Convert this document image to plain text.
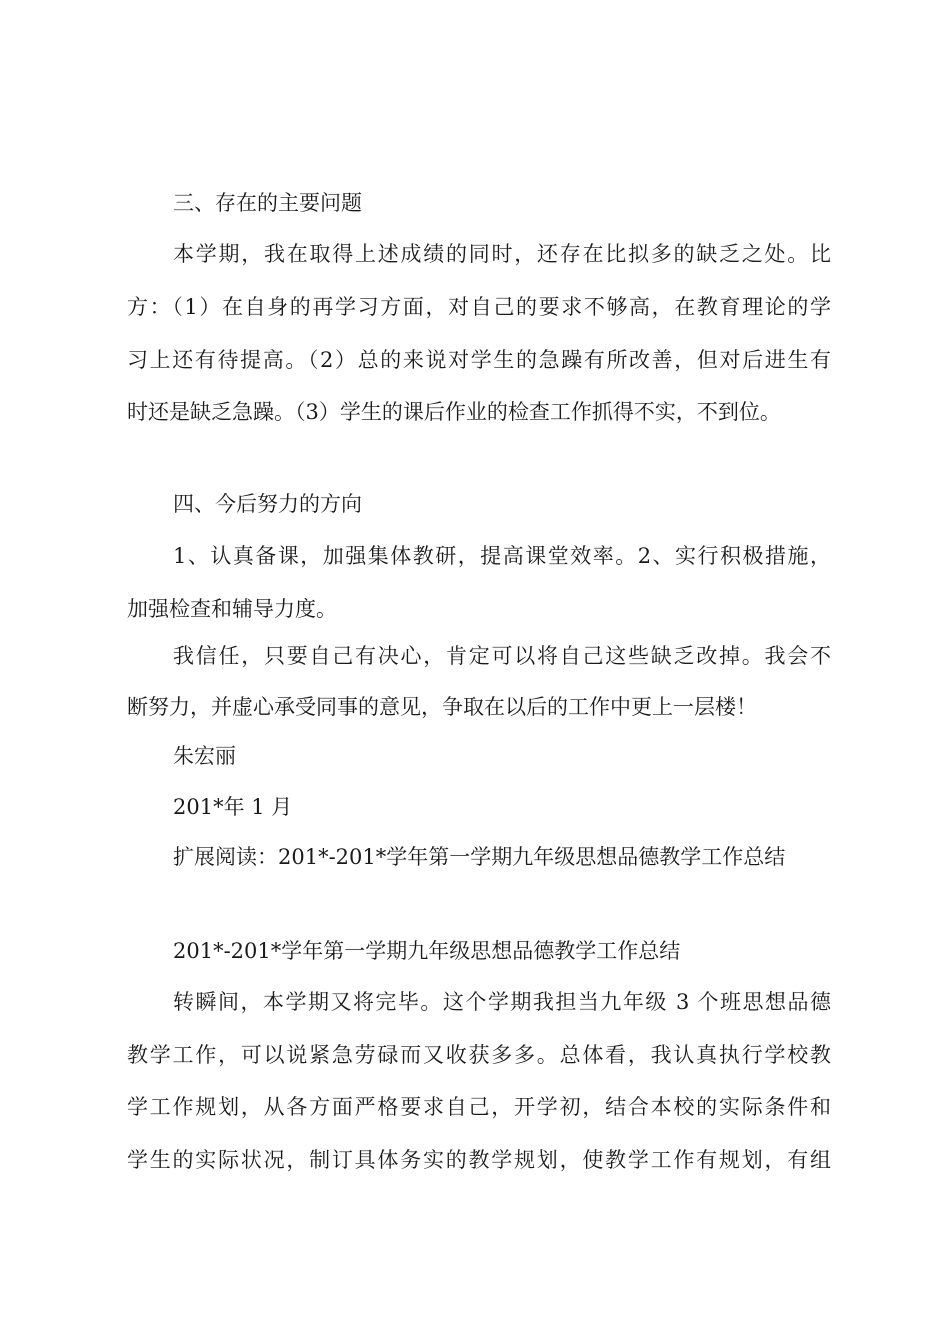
三、存在的主要问题
本学期，我在取得上述成绩的同时，还存在比拟多的缺乏之处。比
方：（1）在自身的再学习方面，对自己的要求不够高，在教育理论的学
习上还有待提高。（2）总的来说对学生的急躁有所改善，但对后进生有
时还是缺乏急躁。（3）学生的课后作业的检查工作抓得不实，不到位。
四、今后努力的方向
1、认真备课，加强集体教研，提高课堂效率。2、实行积极措施，
加强检查和辅导力度。
我信任，只要自己有决心，肯定可以将自己这些缺乏改掉。我会不
断努力，并虚心承受同事的意见，争取在以后的工作中更上一层楼！
朱宏丽
201*年 1 月
扩展阅读：201*-201*学年第一学期九年级思想品德教学工作总结
201*-201*学年第一学期九年级思想品德教学工作总结
转瞬间，本学期又将完毕。这个学期我担当九年级 3 个班思想品德
教学工作，可以说紧急劳碌而又收获多多。总体看，我认真执行学校教
学工作规划，从各方面严格要求自己，开学初，结合本校的实际条件和
学生的实际状况，制订具体务实的教学规划，使教学工作有规划，有组
